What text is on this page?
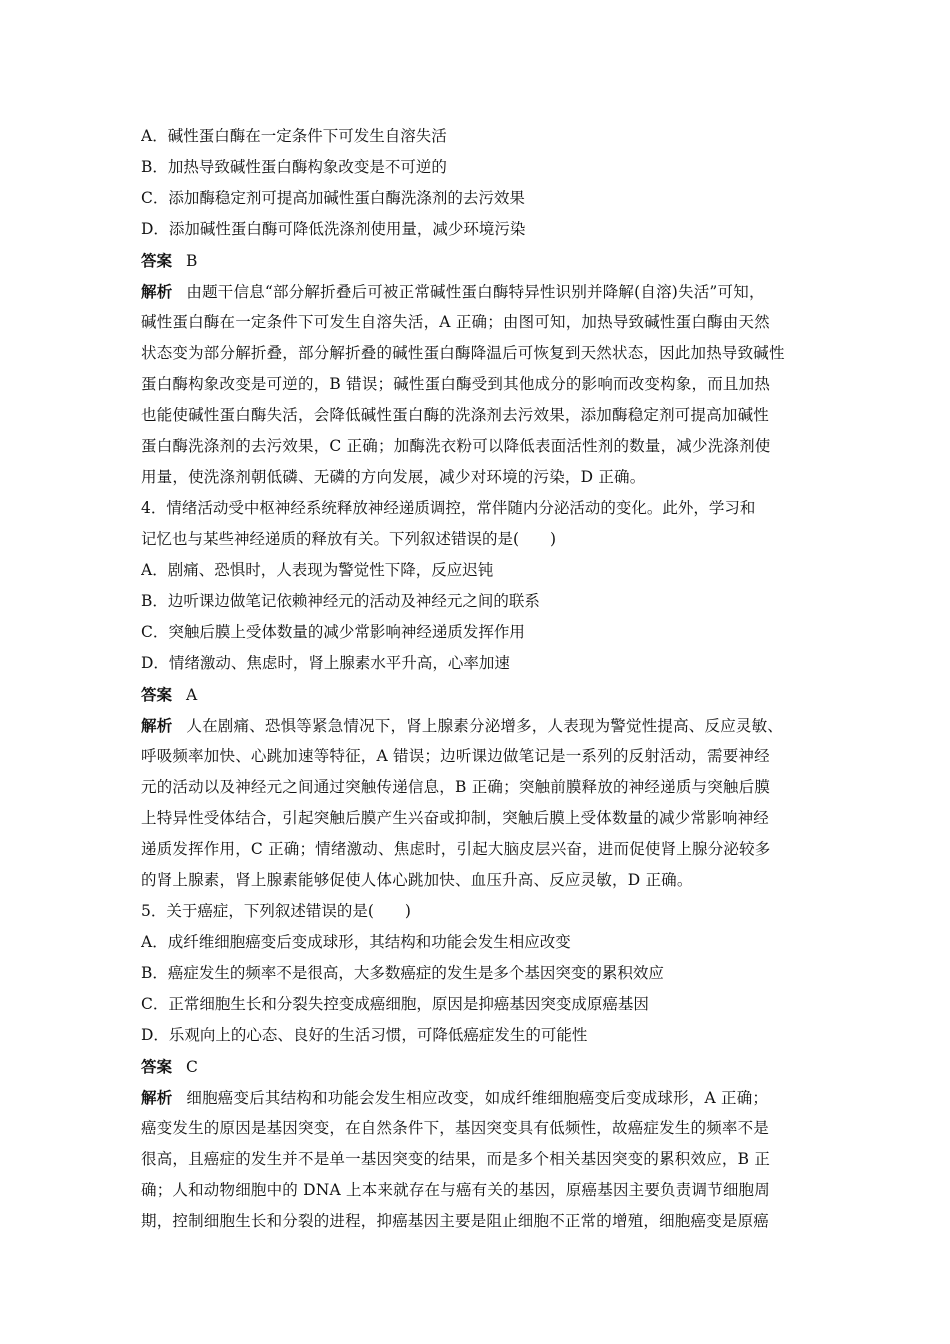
A．碱性蛋白酶在一定条件下可发生自溶失活
B．加热导致碱性蛋白酶构象改变是不可逆的
C．添加酶稳定剂可提高加碱性蛋白酶洗涤剂的去污效果
D．添加碱性蛋白酶可降低洗涤剂使用量，减少环境污染
答案 B
解析 由题干信息“部分解折叠后可被正常碱性蛋白酶特异性识别并降解(自溶)失活”可知，
碱性蛋白酶在一定条件下可发生自溶失活，A 正确；由图可知，加热导致碱性蛋白酶由天然
状态变为部分解折叠，部分解折叠的碱性蛋白酶降温后可恢复到天然状态，因此加热导致碱性
蛋白酶构象改变是可逆的，B 错误；碱性蛋白酶受到其他成分的影响而改变构象，而且加热
也能使碱性蛋白酶失活，会降低碱性蛋白酶的洗涤剂去污效果，添加酶稳定剂可提高加碱性
蛋白酶洗涤剂的去污效果，C 正确；加酶洗衣粉可以降低表面活性剂的数量，减少洗涤剂使
用量，使洗涤剂朝低磷、无磷的方向发展，减少对环境的污染，D 正确。
4．情绪活动受中枢神经系统释放神经递质调控，常伴随内分泌活动的变化。此外，学习和
记忆也与某些神经递质的释放有关。下列叙述错误的是(　　)
A．剧痛、恐惧时，人表现为警觉性下降，反应迟钝
B．边听课边做笔记依赖神经元的活动及神经元之间的联系
C．突触后膜上受体数量的减少常影响神经递质发挥作用
D．情绪激动、焦虑时，肾上腺素水平升高，心率加速
答案 A
解析 人在剧痛、恐惧等紧急情况下，肾上腺素分泌增多，人表现为警觉性提高、反应灵敏、
呼吸频率加快、心跳加速等特征，A 错误；边听课边做笔记是一系列的反射活动，需要神经
元的活动以及神经元之间通过突触传递信息，B 正确；突触前膜释放的神经递质与突触后膜
上特异性受体结合，引起突触后膜产生兴奋或抑制，突触后膜上受体数量的减少常影响神经
递质发挥作用，C 正确；情绪激动、焦虑时，引起大脑皮层兴奋，进而促使肾上腺分泌较多
的肾上腺素，肾上腺素能够促使人体心跳加快、血压升高、反应灵敏，D 正确。
5．关于癌症，下列叙述错误的是(　　)
A．成纤维细胞癌变后变成球形，其结构和功能会发生相应改变
B．癌症发生的频率不是很高，大多数癌症的发生是多个基因突变的累积效应
C．正常细胞生长和分裂失控变成癌细胞，原因是抑癌基因突变成原癌基因
D．乐观向上的心态、良好的生活习惯，可降低癌症发生的可能性
答案 C
解析 细胞癌变后其结构和功能会发生相应改变，如成纤维细胞癌变后变成球形，A 正确；
癌变发生的原因是基因突变，在自然条件下，基因突变具有低频性，故癌症发生的频率不是
很高，且癌症的发生并不是单一基因突变的结果，而是多个相关基因突变的累积效应，B 正
确；人和动物细胞中的 DNA 上本来就存在与癌有关的基因，原癌基因主要负责调节细胞周
期，控制细胞生长和分裂的进程，抑癌基因主要是阻止细胞不正常的增殖，细胞癌变是原癌
